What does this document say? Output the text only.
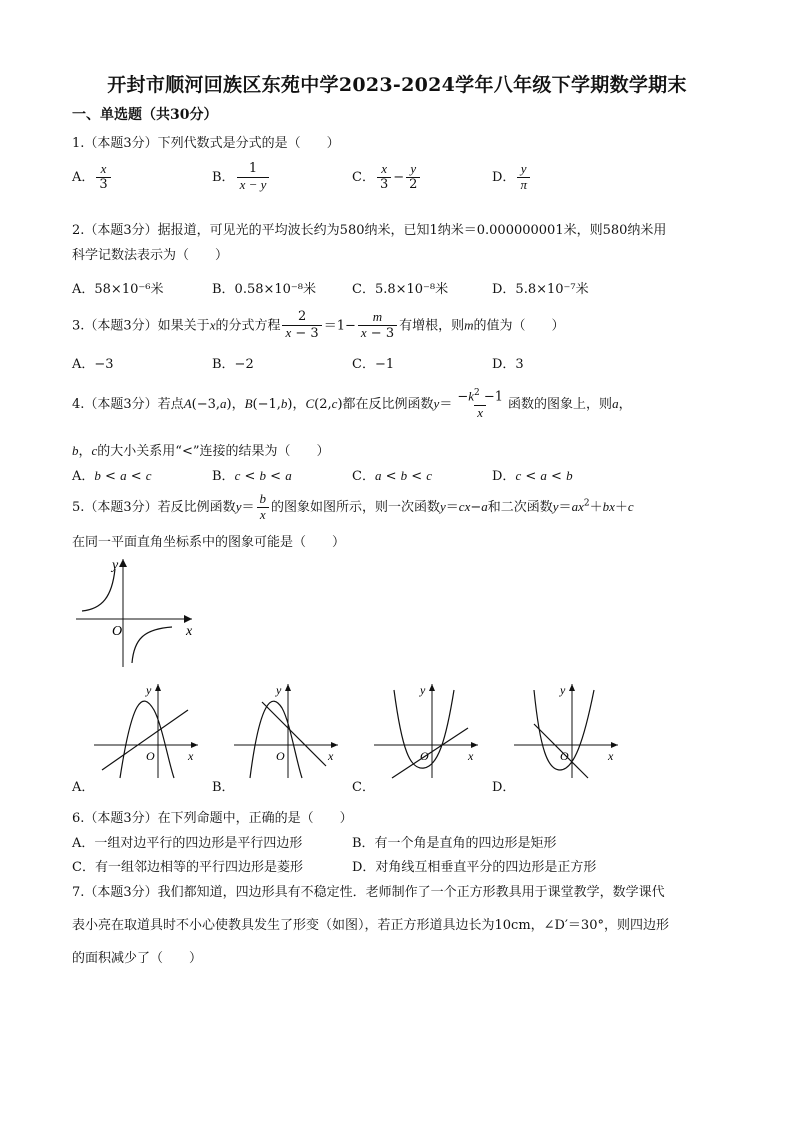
开封市顺河回族区东苑中学2023-2024学年八年级下学期数学期末
一、单选题（共30分）
1.（本题3分）下列代数式是分式的是（　　）
A． $\frac{x}{3}$	B． $\frac{1}{x - y}$	C． $\frac{x}{3} - \frac{y}{2}$	D． $\frac{y}{\pi}$
2.（本题3分）据报道，可见光的平均波长约为580纳米，已知1纳米＝0.000000001米，则580纳米用
科学记数法表示为（　　）
A．58×10⁻⁶米	B．0.58×10⁻⁸米	C．5.8×10⁻⁸米	D．5.8×10⁻⁷米
3.（本题3分）如果关于x的分式方程 $\frac{2}{x - 3} =1- \frac{m}{x - 3}$ 有增根，则m的值为（　　）
A．−3	B．−2	C．−1	D．3
4.（本题3分）若点A(−3,a)，B(−1,b)，C(2,c)都在反比例函数$y= \frac{-k^2 -1}{x}$ 函数的图象上，则a，
b，c的大小关系用“<”连接的结果为（　　）
A．b < a < c	B．c < b < a	C．a < b < c	D．c < a < b
5.（本题3分）若反比例函数$y= \frac{b}{x}$ 的图象如图所示，则一次函数y＝cx−a和二次函数$y=ax^2+bx+c$
在同一平面直角坐标系中的图象可能是（　　）
x
y
O
x
y
O	x
y
O	x
y
O	x
y
O
A．	B．	C．	D．
6.（本题3分）在下列命题中，正确的是（　　）
A．一组对边平行的四边形是平行四边形	B．有一个角是直角的四边形是矩形
C．有一组邻边相等的平行四边形是菱形	D．对角线互相垂直平分的四边形是正方形
7.（本题3分）我们都知道，四边形具有不稳定性．老师制作了一个正方形教具用于课堂教学，数学课代
表小亮在取道具时不小心使教具发生了形变（如图），若正方形道具边长为10cm，∠D′＝30°，则四边形
的面积减少了（　　）
